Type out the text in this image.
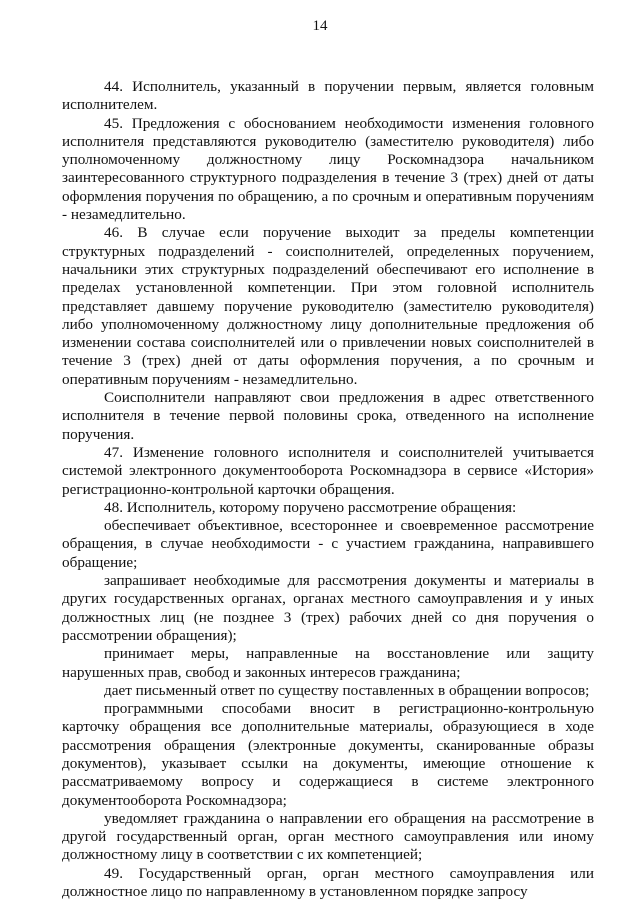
14

44. Исполнитель, указанный в поручении первым, является головным исполнителем.

45. Предложения с обоснованием необходимости изменения головного исполнителя представляются руководителю (заместителю руководителя) либо уполномоченному должностному лицу Роскомнадзора начальником заинтересованного структурного подразделения в течение 3 (трех) дней от даты оформления поручения по обращению, а по срочным и оперативным поручениям - незамедлительно.

46. В случае если поручение выходит за пределы компетенции структурных подразделений - соисполнителей, определенных поручением, начальники этих структурных подразделений обеспечивают его исполнение в пределах установленной компетенции. При этом головной исполнитель представляет давшему поручение руководителю (заместителю руководителя) либо уполномоченному должностному лицу дополнительные предложения об изменении состава соисполнителей или о привлечении новых соисполнителей в течение 3 (трех) дней от даты оформления поручения, а по срочным и оперативным поручениям - незамедлительно.

Соисполнители направляют свои предложения в адрес ответственного исполнителя в течение первой половины срока, отведенного на исполнение поручения.

47. Изменение головного исполнителя и соисполнителей учитывается системой электронного документооборота Роскомнадзора в сервисе «История» регистрационно-контрольной карточки обращения.

48. Исполнитель, которому поручено рассмотрение обращения:

обеспечивает объективное, всестороннее и своевременное рассмотрение обращения, в случае необходимости - с участием гражданина, направившего обращение;

запрашивает необходимые для рассмотрения документы и материалы в других государственных органах, органах местного самоуправления и у иных должностных лиц (не позднее 3 (трех) рабочих дней со дня поручения о рассмотрении обращения);

принимает меры, направленные на восстановление или защиту нарушенных прав, свобод и законных интересов гражданина;

дает письменный ответ по существу поставленных в обращении вопросов;

программными способами вносит в регистрационно-контрольную карточку обращения все дополнительные материалы, образующиеся в ходе рассмотрения обращения (электронные документы, сканированные образы документов), указывает ссылки на документы, имеющие отношение к рассматриваемому вопросу и содержащиеся в системе электронного документооборота Роскомнадзора;

уведомляет гражданина о направлении его обращения на рассмотрение в другой государственный орган, орган местного самоуправления или иному должностному лицу в соответствии с их компетенцией;

49. Государственный орган, орган местного самоуправления или должностное лицо по направленному в установленном порядке запросу
